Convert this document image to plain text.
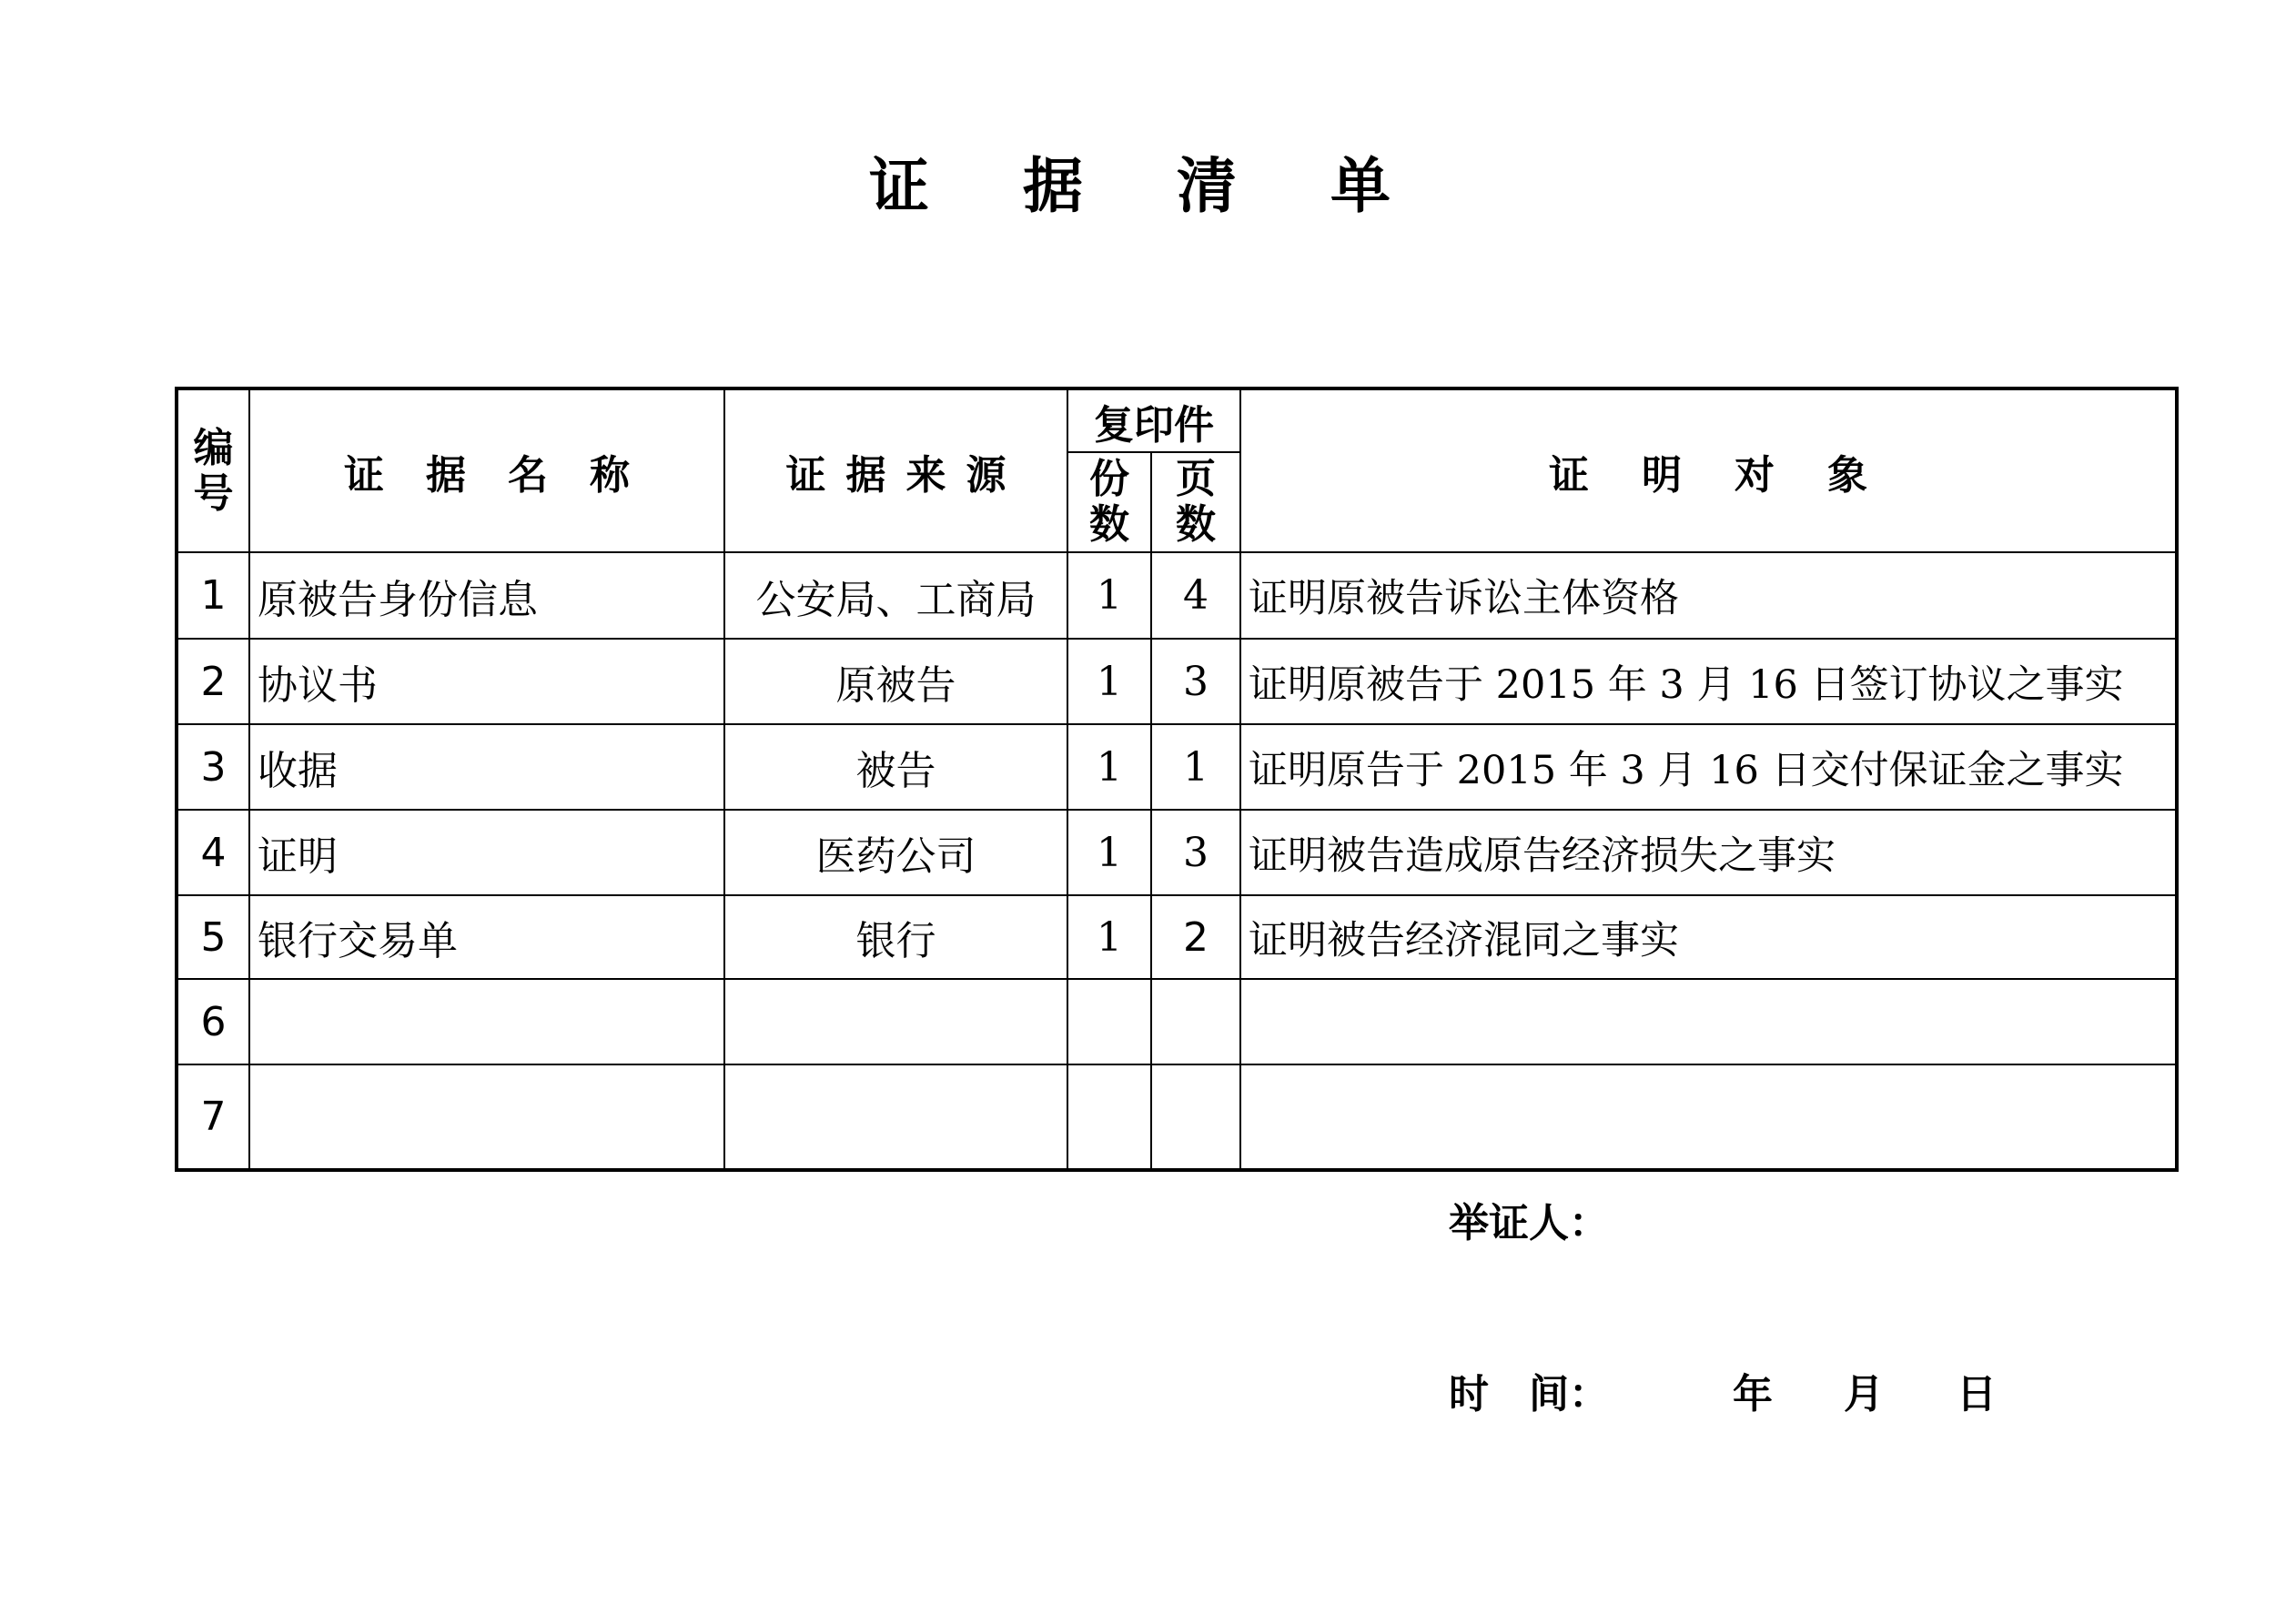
证 据 清 单
编号	证据名称	证据来源	复印件		证明对象

			份数	页数	

1	原被告身份信息	公安局、工商局	1	4	证明原被告诉讼主体资格
2	协议书	原被告	1	3	证明原被告于 2015 年 3 月 16 日签订协议之事实
3	收据	被告	1	1	证明原告于 2015 年 3 月 16 日交付保证金之事实
4	证明	医药公司	1	3	证明被告造成原告经济损失之事实
5	银行交易单	银行	1	2	证明被告经济混同之事实
6					
7					
举证人：
时　间：	年 月 日
